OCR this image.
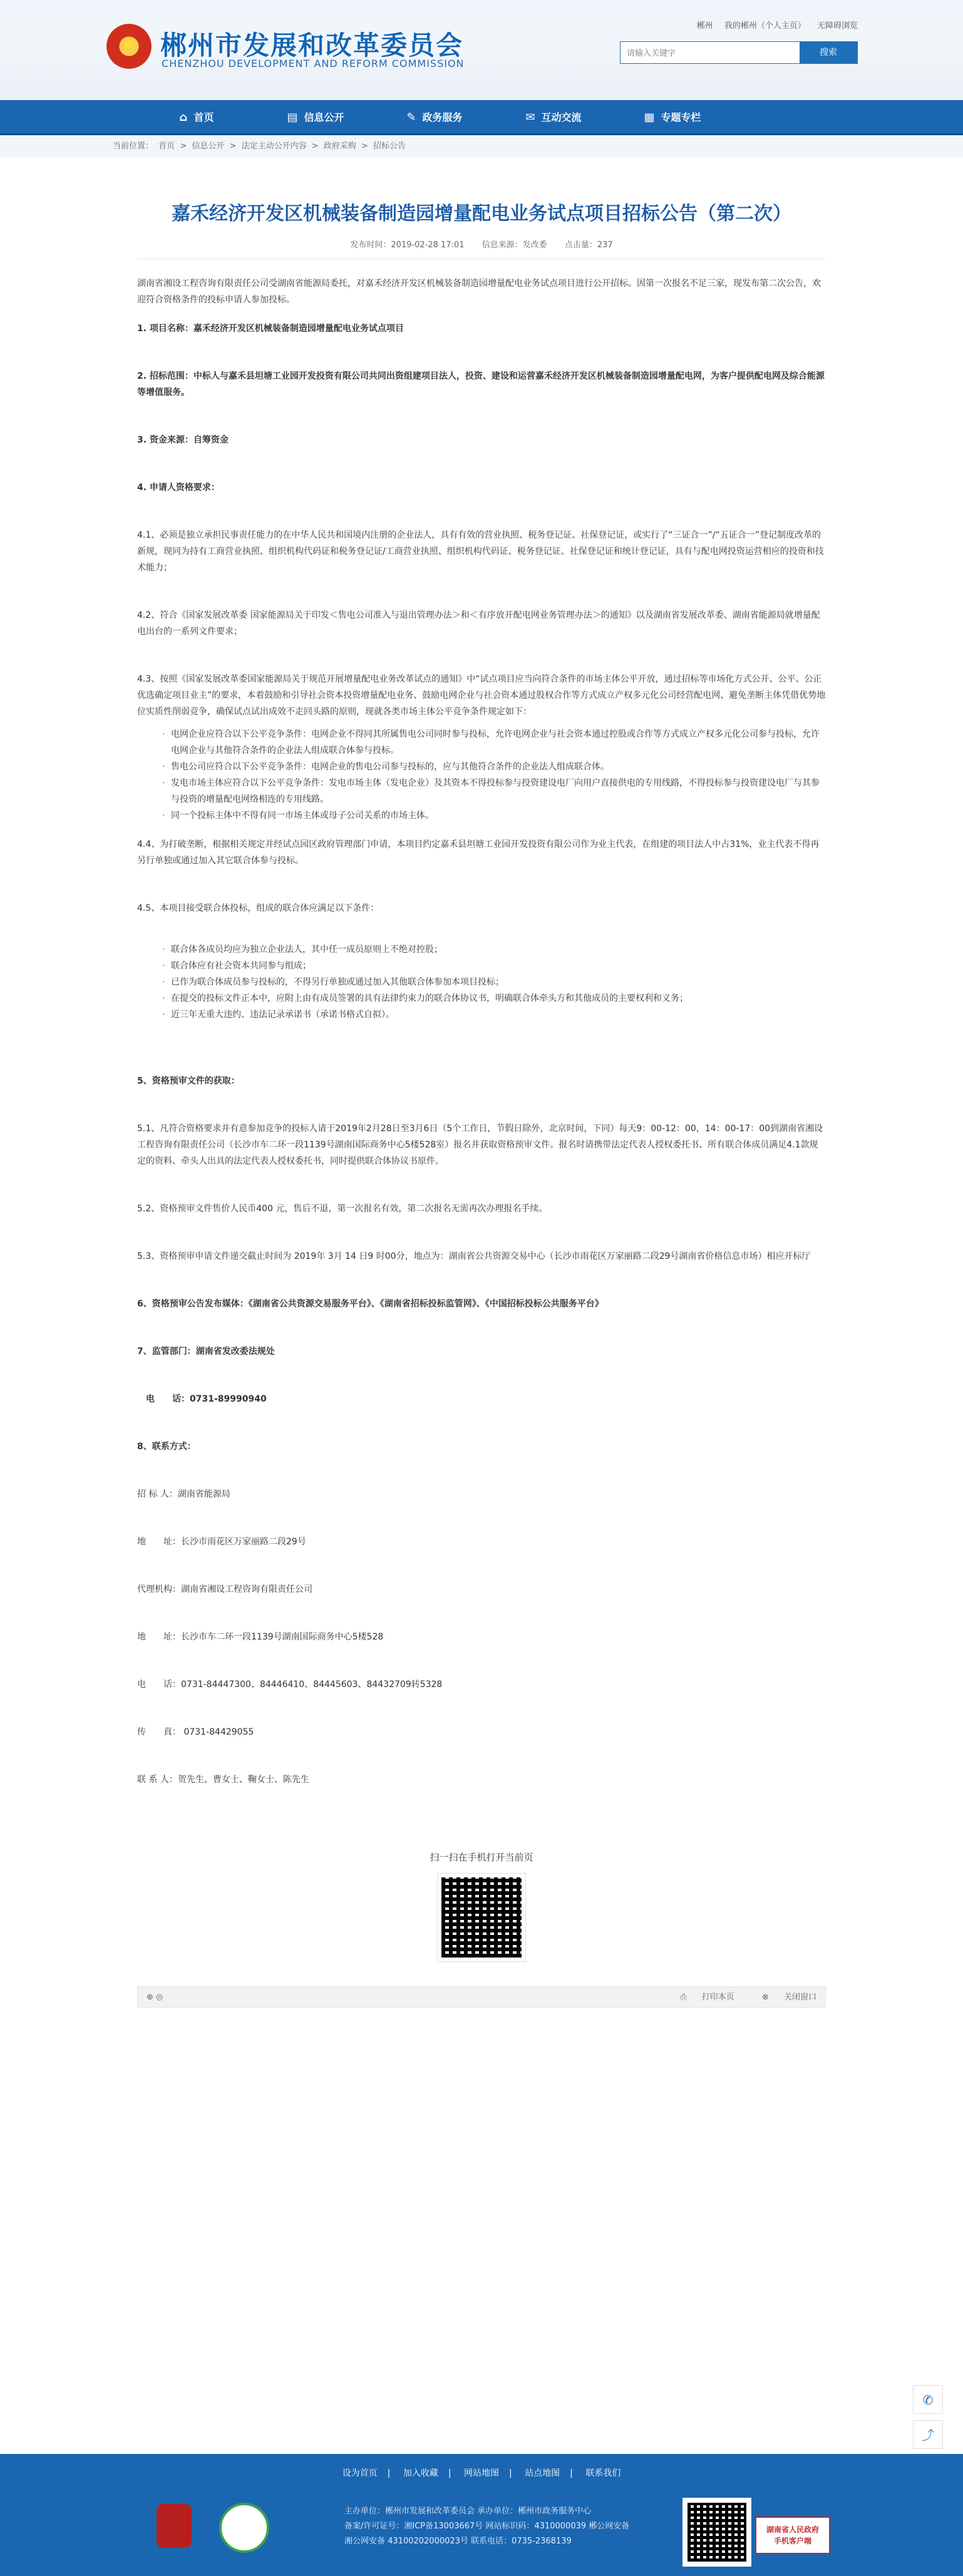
★ 郴州市发展和改革委员会
CHENZHOU DEVELOPMENT AND REFORM COMMISSION
郴州 我的郴州（个人主页） 无障碍浏览
请输入关键字
搜索
⌂ 首页	▤ 信息公开	✎ 政务服务	✉ 互动交流	▦ 专题专栏
当前位置： 首页 > 信息公开 > 法定主动公开内容 > 政府采购 > 招标公告
嘉禾经济开发区机械装备制造园增量配电业务试点项目招标公告（第二次）
发布时间：2019-02-28 17:01 信息来源：发改委 点击量：237

湖南省湘设工程咨询有限责任公司受湖南省能源局委托，对嘉禾经济开发区机械装备制造园增量配电业务试点项目进行公开招标。因第一次报名不足三家，现发布第二次公告，欢迎符合资格条件的投标申请人参加投标。

1. 项目名称：嘉禾经济开发区机械装备制造园增量配电业务试点项目

2. 招标范围：中标人与嘉禾县坦塘工业园开发投资有限公司共同出资组建项目法人，投资、建设和运营嘉禾经济开发区机械装备制造园增量配电网，为客户提供配电网及综合能源等增值服务。

3. 资金来源：自筹资金

4. 申请人资格要求：

4.1、必须是独立承担民事责任能力的在中华人民共和国境内注册的企业法人，具有有效的营业执照、税务登记证、社保登记证，或实行了“三证合一”/“五证合一”登记制度改革的新规，现同为持有工商营业执照、组织机构代码证和税务登记证/工商营业执照、组织机构代码证、税务登记证、社保登记证和统计登记证，具有与配电网投资运营相应的投资和技术能力；

4.2、符合《国家发展改革委 国家能源局关于印发＜售电公司准入与退出管理办法＞和＜有序放开配电网业务管理办法＞的通知》以及湖南省发展改革委、湖南省能源局就增量配电出台的一系列文件要求；

4.3、按照《国家发展改革委国家能源局关于规范开展增量配电业务改革试点的通知》中“试点项目应当向符合条件的市场主体公平开放，通过招标等市场化方式公开、公平、公正优选确定项目业主”的要求，本着鼓励和引导社会资本投资增量配电业务、鼓励电网企业与社会资本通过股权合作等方式成立产权多元化公司经营配电网、避免垄断主体凭借优势地位实质性削弱竞争，确保试点试出成效不走回头路的原则，现就各类市场主体公平竞争条件规定如下：

· 电网企业应符合以下公平竞争条件：电网企业不得同其所属售电公司同时参与投标，允许电网企业与社会资本通过控股或合作等方式成立产权多元化公司参与投标，允许电网企业与其他符合条件的企业法人组成联合体参与投标。
· 售电公司应符合以下公平竞争条件：电网企业的售电公司参与投标的，应与其他符合条件的企业法人组成联合体。
· 发电市场主体应符合以下公平竞争条件：发电市场主体（发电企业）及其资本不得投标参与投资建设电厂向用户直接供电的专用线路，不得投标参与投资建设电厂与其参与投资的增量配电网络相连的专用线路。
· 同一个投标主体中不得有同一市场主体或母子公司关系的市场主体。

4.4、为打破垄断，根据相关规定并经试点园区政府管理部门申请，本项目约定嘉禾县坦塘工业园开发投资有限公司作为业主代表，在组建的项目法人中占31%，业主代表不得再另行单独或通过加入其它联合体参与投标。

4.5、本项目接受联合体投标，组成的联合体应满足以下条件：

· 联合体各成员均应为独立企业法人，其中任一成员原则上不绝对控股；
· 联合体应有社会资本共同参与组成；
· 已作为联合体成员参与投标的，不得另行单独或通过加入其他联合体参加本项目投标；
· 在提交的投标文件正本中，应附上由有成员签署的具有法律约束力的联合体协议书，明确联合体牵头方和其他成员的主要权利和义务；
· 近三年无重大违约、违法记录承诺书（承诺书格式自拟）。

5、资格预审文件的获取：

5.1、凡符合资格要求并有意参加竞争的投标人请于2019年2月28日至3月6日（5个工作日，节假日除外，北京时间，下同）每天9：00-12：00，14：00-17：00到湖南省湘设工程咨询有限责任公司（长沙市车二环一段1139号湖南国际商务中心5楼528室）报名并获取资格预审文件。报名时请携带法定代表人授权委托书、所有联合体成员满足4.1款规定的资料、牵头人出具的法定代表人授权委托书，同时提供联合体协议书原件。

5.2、资格预审文件售价人民币400 元，售后不退，第一次报名有效，第二次报名无需再次办理报名手续。

5.3、资格预审申请文件递交截止时间为 2019年 3月 14 日9 时00分，地点为：湖南省公共资源交易中心（长沙市雨花区万家丽路二段29号湖南省价格信息市场）相应开标厅

6、资格预审公告发布媒体：《湖南省公共资源交易服务平台》、《湖南省招标投标监管网》、《中国招标投标公共服务平台》

7、监管部门：湖南省发改委法规处

电　　话：0731-89990940

8、联系方式：

招 标 人：湖南省能源局

地　　址：长沙市雨花区万家丽路二段29号

代理机构：湖南省湘设工程咨询有限责任公司

地　　址：长沙市车二环一段1139号湖南国际商务中心5楼528

电　　话：0731-84447300、84446410、84445603、84432709转5328

传　　真： 0731-84429055

联 系 人：贺先生、曹女士、鞠女士、陈先生

扫一扫在手机打开当前页
⊕ ◎	⎙ 打印本页	⊗ 关闭窗口
✆
⤴
设为首页 | 加入收藏 | 网站地图 | 站点地图 | 联系我们
主办单位：郴州市发展和改革委员会 承办单位：郴州市政务服务中心
备案/许可证号：湘ICP备13003667号 网站标识码：4310000039 郴公网安备
湘公网安备 43100202000023号 联系电话：0735-2368139
湖南省人民政府
手机客户端
